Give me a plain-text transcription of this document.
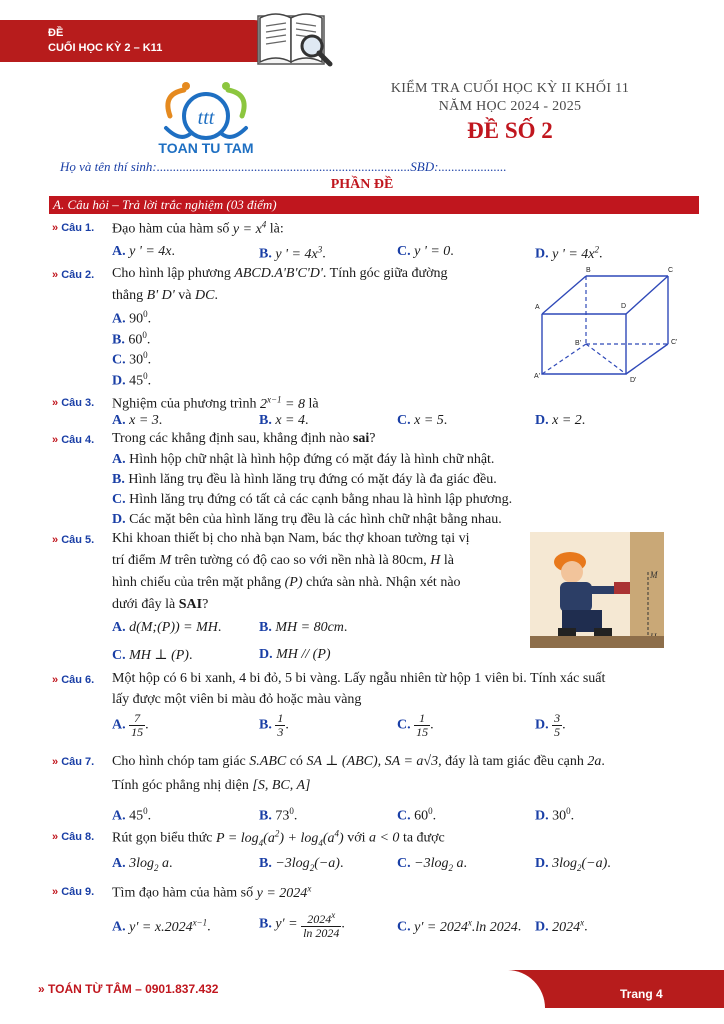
ĐỀ
CUỐI HỌC KỲ 2 – K11
ttt
TOAN TU TAM
KIỂM TRA CUỐI HỌC KỲ II KHỐI 11
NĂM HỌC 2024 - 2025
ĐỀ SỐ 2
Họ và tên thí sinh:..............................................................................SBD:.....................
PHẦN ĐỀ
A. Câu hỏi – Trả lời trắc nghiệm (03 điểm)
» Câu 1. Đạo hàm của hàm số $y = x^4$ là:
A. y ' = 4x.	B. y ' = $4x^3$.	C. y ' = 0.	D. y ' = $4x^2$.
» Câu 2. Cho hình lập phương ABCD.A'B'C'D'. Tính góc giữa đường
thẳng B' D' và DC.
A. $90^0$.
B. $60^0$.
C. $30^0$.
D. $45^0$.
B	C
A	D
B'	C'
A'
D'
» Câu 3. Nghiệm của phương trình $2^{x-1} = 8$ là
A. x = 3.	B. x = 4.	C. x = 5.	D. x = 2.
» Câu 4. Trong các khẳng định sau, khẳng định nào sai?
A. Hình hộp chữ nhật là hình hộp đứng có mặt đáy là hình chữ nhật.
B. Hình lăng trụ đều là hình lăng trụ đứng có mặt đáy là đa giác đều.
C. Hình lăng trụ đứng có tất cả các cạnh bằng nhau là hình lập phương.
D. Các mặt bên của hình lăng trụ đều là các hình chữ nhật bằng nhau.
» Câu 5. Khi khoan thiết bị cho nhà bạn Nam, bác thợ khoan tường tại vị
trí điểm M trên tường có độ cao so với nền nhà là 80cm, H là
hình chiếu của trên mặt phẳng (P) chứa sàn nhà. Nhận xét nào
dưới đây là SAI?
A. d(M;(P)) = MH.	B. MH = 80cm.
C. MH ⊥ (P).	D. MH // (P)
M
» Câu 6. Một hộp có 6 bi xanh, 4 bi đỏ, 5 bi vàng. Lấy ngẫu nhiên từ hộp 1 viên bi. Tính xác suất
lấy được một viên bi màu đỏ hoặc màu vàng
A. $\frac{7}{15}$ .	B. $\frac{1}{3}$ .	C. $\frac{1}{15}$ .	D. $\frac{3}{5}$ .
» Câu 7. Cho hình chóp tam giác S.ABC có SA ⊥ (ABC), SA = a√3, đáy là tam giác đều cạnh 2a.
Tính góc phẳng nhị diện [S, BC, A]
A. $45^0$.	B. $73^0$.	C. $60^0$.	D. $30^0$.
» Câu 8. Rút gọn biểu thức $P = \log_4(a^2) + \log_4(a^4)$ với a < 0 ta được
A. $3\log_2$ a.	B. $-3\log_2(-a)$.	C. $-3\log_2$ a.	D. $3\log_2(-a)$.
» Câu 9. Tìm đạo hàm của hàm số $y = 2024^x$
A. $y' = x.2024^{x-1}$.	B. $y' = \frac{2024^x}{\ln 2024}$ .	C. $y' = 2024^x.\ln$ 2024. D. 2024$^x$.
» TOÁN TỪ TÂM – 0901.837.432	Trang 4
